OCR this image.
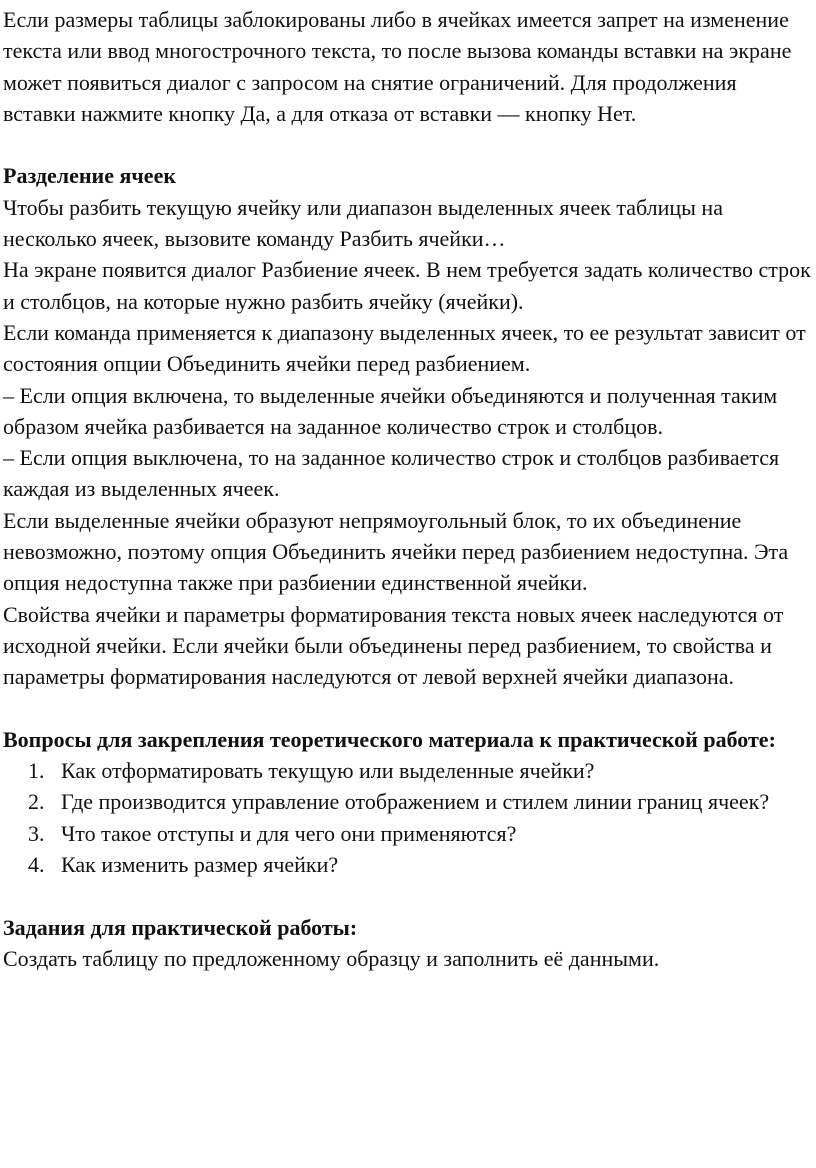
Если размеры таблицы заблокированы либо в ячейках имеется запрет на изменение текста или ввод многострочного текста, то после вызова команды вставки на экране может появиться диалог с запросом на снятие ограничений. Для продолжения вставки нажмите кнопку Да, а для отказа от вставки — кнопку Нет.

Разделение ячеек

Чтобы разбить текущую ячейку или диапазон выделенных ячеек таблицы на несколько ячеек, вызовите команду Разбить ячейки…

На экране появится диалог Разбиение ячеек. В нем требуется задать количество строк и столбцов, на которые нужно разбить ячейку (ячейки).

Если команда применяется к диапазону выделенных ячеек, то ее результат зависит от состояния опции Объединить ячейки перед разбиением.

– Если опция включена, то выделенные ячейки объединяются и полученная таким образом ячейка разбивается на заданное количество строк и столбцов.

– Если опция выключена, то на заданное количество строк и столбцов разбивается каждая из выделенных ячеек.

Если выделенные ячейки образуют непрямоугольный блок, то их объединение невозможно, поэтому опция Объединить ячейки перед разбиением недоступна. Эта опция недоступна также при разбиении единственной ячейки.

Свойства ячейки и параметры форматирования текста новых ячеек наследуются от исходной ячейки. Если ячейки были объединены перед разбиением, то свойства и параметры форматирования наследуются от левой верхней ячейки диапазона.

Вопросы для закрепления теоретического материала к практической работе:

Как отформатировать текущую или выделенные ячейки?
Где производится управление отображением и стилем линии границ ячеек?
Что такое отступы и для чего они применяются?
Как изменить размер ячейки?

Задания для практической работы:

Создать таблицу по предложенному образцу и заполнить её данными.
